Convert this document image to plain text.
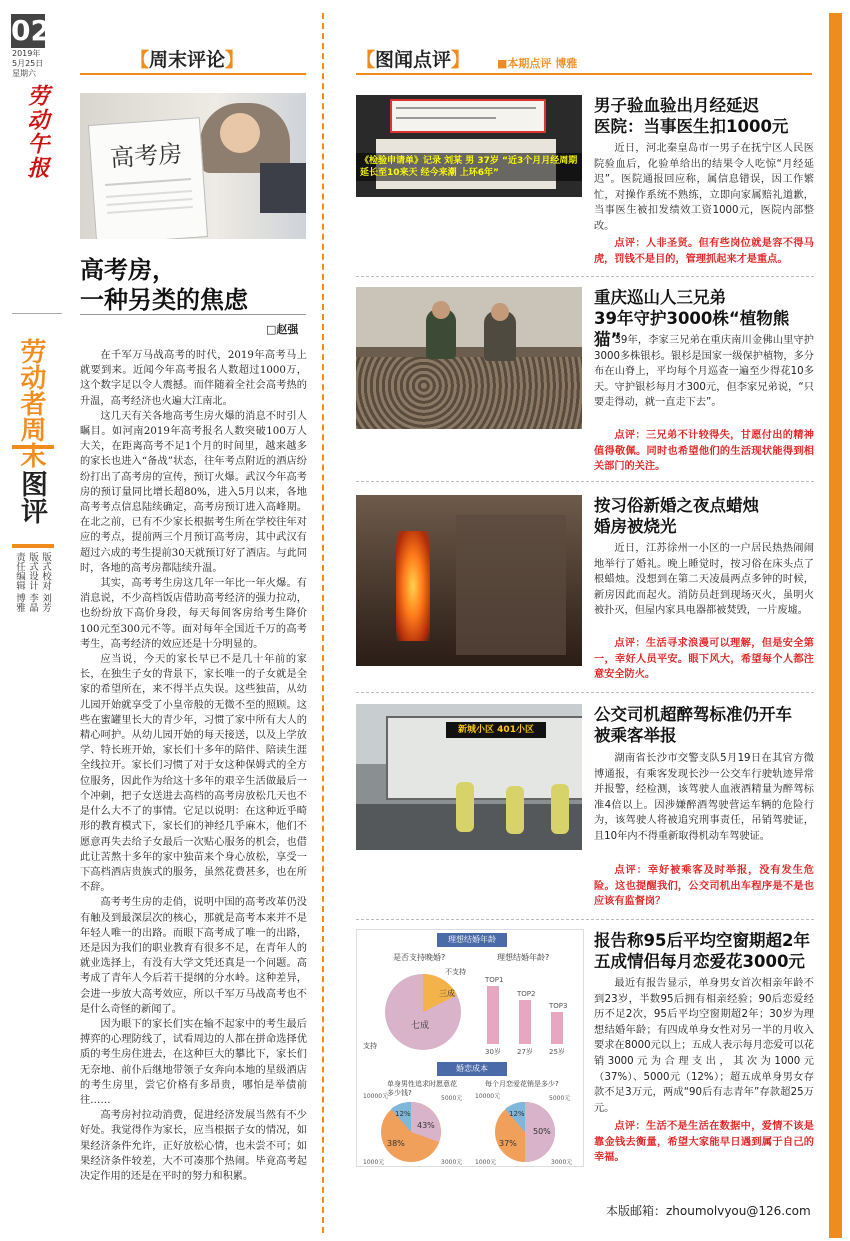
02
2019年
5月25日
星期六
劳动午报
劳动者周末
图评
版式校对 刘芳
版式设计 李晶
责任编辑 博雅
【周末评论】
高考房
高考房，
一种另类的焦虑
□赵强

在千军万马战高考的时代，2019年高考马上就要到来。近闻今年高考报名人数超过1000万，这个数字足以令人震撼。而伴随着全社会高考热的升温，高考经济也火遍大江南北。

这几天有关各地高考生房火爆的消息不时引人瞩目。如河南2019年高考报名人数突破100万人大关，在距离高考不足1个月的时间里，越来越多的家长也进入“备战”状态，往年考点附近的酒店纷纷打出了高考房的宣传，预订火爆。武汉今年高考房的预订量同比增长超80%，进入5月以来，各地高考考点信息陆续确定，高考房预订进入高峰期。在北之前，已有不少家长根据考生所在学校往年对应的考点，提前两三个月预订高考房，其中武汉有超过六成的考生提前30天就预订好了酒店。与此同时，各地的高考房都陆续升温。

其实，高考考生房这几年一年比一年火爆。有消息说，不少高档饭店借助高考经济的强力拉动，也纷纷放下高价身段，每天每间客房给考生降价100元至300元不等。面对每年全国近千万的高考考生，高考经济的效应还是十分明显的。

应当说，今天的家长早已不是几十年前的家长，在独生子女的背景下，家长唯一的子女就是全家的希望所在，来不得半点失误。这些独苗，从幼儿园开始就享受了小皇帝般的无微不至的照顾。这些在蜜罐里长大的青少年，习惯了家中所有大人的精心呵护。从幼儿园开始的每天接送，以及上学放学、特长班开始，家长们十多年的陪伴、陪读生涯全线拉开。家长们习惯了对于女这种保姆式的全方位服务，因此作为给这十多年的艰辛生活做最后一个冲刺，把子女送进去高档的高考房放松几天也不是什么大不了的事情。它足以说明：在这种近乎畸形的教育模式下，家长们的神经几乎麻木，他们不愿意再失去给子女最后一次贴心服务的机会，也借此让苦熬十多年的家中独苗来个身心放松，享受一下高档酒店贵族式的服务，虽然花费甚多，也在所不辞。

高考考生房的走俏，说明中国的高考改革仍没有触及到最深层次的核心，那就是高考本来并不是年轻人唯一的出路。而眼下高考成了唯一的出路，还是因为我们的职业教育有很多不足，在青年人的就业选择上，有没有大学文凭还真是一个问题。高考成了青年人今后若干提纲的分水岭。这种差异，会进一步放大高考效应，所以千军万马战高考也不是什么奇怪的新闻了。

因为眼下的家长们实在输不起家中的考生最后搏弈的心理防线了，试看周边的人都在拼命选择优质的考生房住进去，在这种巨大的攀比下，家长们无奈地、前仆后继地带领子女奔向本地的星级酒店的考生房里，尝它价格有多昂贵，哪怕是举债前往……

高考房衬拉动消费，促进经济发展当然有不少好处。我觉得作为家长，应当根据子女的情况，如果经济条件允许，正好放松心情，也未尝不可；如果经济条件较差，大不可凑那个热闹。毕竟高考起决定作用的还是在平时的努力和积累。

【图闻点评】 ■本期点评 博雅
《检验申请单》记录 刘某 男 37岁 “近3个月月经周期延长至10来天 经今来潮 上环6年”
男子验血验出月经延迟
医院：当事医生扣1000元
近日，河北秦皇岛市一男子在抚宁区人民医院验血后，化验单给出的结果令人吃惊“月经延迟”。医院通报回应称，属信息错误，因工作繁忙，对操作系统不熟练，立即向家属赔礼道歉，当事医生被扣发绩效工资1000元，医院内部整改。
点评：人非圣贤。但有些岗位就是容不得马虎，罚钱不是目的，管理抓起来才是重点。
重庆巡山人三兄弟
39年守护3000株“植物熊猫”
39年，李家三兄弟在重庆南川金佛山里守护3000多株银杉。银杉是国家一级保护植物，多分布在山脊上，平均每个月巡查一遍至少得花10多天。守护银杉每月才300元，但李家兄弟说，“只要走得动，就一直走下去”。
点评：三兄弟不计较得失，甘愿付出的精神值得敬佩。同时也希望他们的生活现状能得到相关部门的关注。
按习俗新婚之夜点蜡烛
婚房被烧光
近日，江苏徐州一小区的一户居民热热闹闹地举行了婚礼。晚上睡觉时，按习俗在床头点了根蜡烛。没想到在第二天凌晨两点多钟的时候，新房因此而起火。消防员赶到现场灭火，虽明火被扑灭，但屋内家具电器都被焚毁，一片废墟。
点评：生活寻求浪漫可以理解，但是安全第一，幸好人员平安。眼下风大，希望每个人都注意安全防火。
新城小区 401小区
公交司机超醉驾标准仍开车
被乘客举报
湖南省长沙市交警支队5月19日在其官方微博通报，有乘客发现长沙一公交车行驶轨迹异常并报警，经检测，该驾驶人血液酒精量为醉驾标准4倍以上。因涉嫌醉酒驾驶营运车辆的危险行为，该驾驶人将被追究刑事责任，吊销驾驶证，且10年内不得重新取得机动车驾驶证。
点评：幸好被乘客及时举报，没有发生危险。这也提醒我们，公交司机出车程序是不是也应该有监督岗？
理想结婚年龄
是否支持晚婚?
三成
七成
不支持
支持
理想结婚年龄?
TOP1
TOP2
TOP3
30岁 27岁 25岁
婚恋成本
单身男性追求时愿意花多少钱?
43%
38%
12%
10000元	5000元
3000元
1000元
每个月恋爱花销是多少?
50%
37%
12%
10000元	5000元
3000元
1000元
报告称95后平均空窗期超2年
五成情侣每月恋爱花3000元
最近有报告显示，单身男女首次相亲年龄不到23岁，半数95后拥有相亲经验；90后恋爱经历不足2次，95后平均空窗期超2年；30岁为理想结婚年龄；有四成单身女性对另一半的月收入要求在8000元以上；五成人表示每月恋爱可以花销3000元为合理支出，其次为1000元（37%）、5000元（12%）；超五成单身男女存款不足3万元，两成“90后有志青年”存款超25万元。
点评：生活不是生活在数据中，爱情不该是靠金钱去衡量，希望大家能早日遇到属于自己的幸福。
本版邮箱：zhoumolvyou@126.com
